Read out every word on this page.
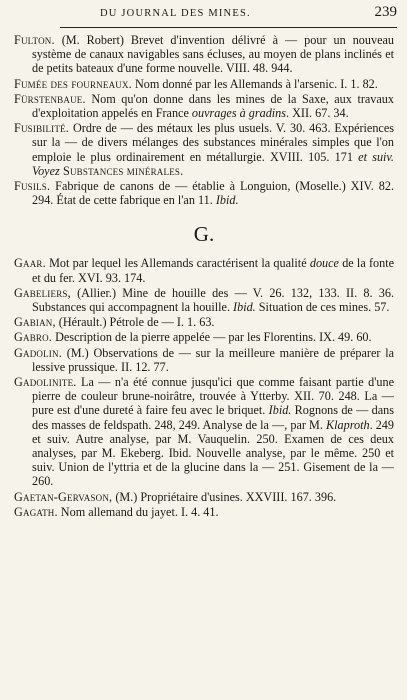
DU JOURNAL DES MINES.	239

Fulton. (M. Robert) Brevet d'invention délivré à — pour un nouveau système de canaux navigables sans écluses, au moyen de plans inclinés et de petits bateaux d'une forme nouvelle. VIII. 48. 944.

Fumée des fourneaux. Nom donné par les Allemands à l'arsenic. I. 1. 82.

Fürstenbaue. Nom qu'on donne dans les mines de la Saxe, aux travaux d'exploitation appelés en France ouvrages à gradins. XII. 67. 34.

Fusibilité. Ordre de — des métaux les plus usuels. V. 30. 463. Expériences sur la — de divers mélanges des substances minérales simples que l'on emploie le plus ordinairement en métallurgie. XVIII. 105. 171 et suiv. Voyez Substances minérales.

Fusils. Fabrique de canons de — établie à Longuion, (Moselle.) XIV. 82. 294. État de cette fabrique en l'an 11. Ibid.

G.

Gaar. Mot par lequel les Allemands caractérisent la qualité douce de la fonte et du fer. XVI. 93. 174.

Gabeliers, (Allier.) Mine de houille des — V. 26. 132, 133. II. 8. 36. Substances qui accompagnent la houille. Ibid. Situation de ces mines. 57.

Gabian, (Hérault.) Pétrole de — I. 1. 63.

Gabro. Description de la pierre appelée — par les Florentins. IX. 49. 60.

Gadolin. (M.) Observations de — sur la meilleure manière de préparer la lessive prussique. II. 12. 77.

Gadolinite. La — n'a été connue jusqu'ici que comme faisant partie d'une pierre de couleur brune-noirâtre, trouvée à Ytterby. XII. 70. 248. La — pure est d'une dureté à faire feu avec le briquet. Ibid. Rognons de — dans des masses de feldspath. 248, 249. Analyse de la —, par M. Klaproth. 249 et suiv. Autre analyse, par M. Vauquelin. 250. Examen de ces deux analyses, par M. Ekeberg. Ibid. Nouvelle analyse, par le même. 250 et suiv. Union de l'yttria et de la glucine dans la — 251. Gisement de la — 260.

Gaetan-Gervason, (M.) Propriétaire d'usines. XXVIII. 167. 396.

Gagath. Nom allemand du jayet. I. 4. 41.
